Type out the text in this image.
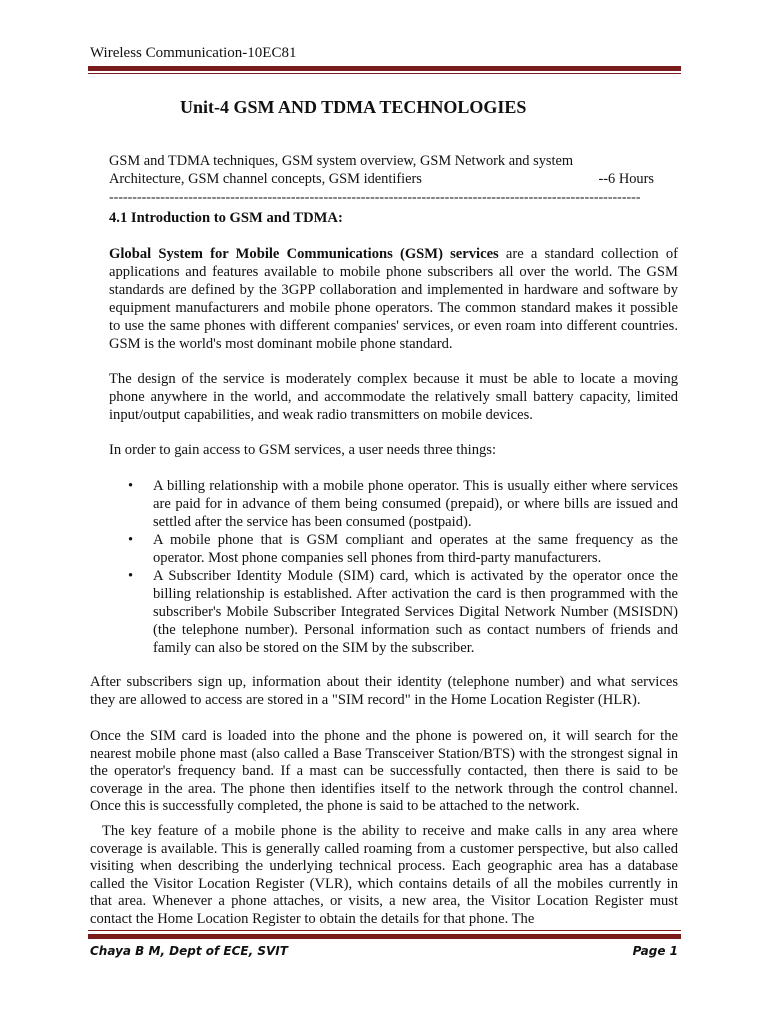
Wireless Communication-10EC81
Unit-4 GSM AND TDMA TECHNOLOGIES
GSM and TDMA techniques, GSM system overview, GSM Network and system
Architecture, GSM channel concepts, GSM identifiers	--6 Hours
------------------------------------------------------------------------------------------------------------------
4.1 Introduction to GSM and TDMA:
Global System for Mobile Communications (GSM) services are a standard collection of applications and features available to mobile phone subscribers all over the world. The GSM standards are defined by the 3GPP collaboration and implemented in hardware and software by equipment manufacturers and mobile phone operators. The common standard makes it possible to use the same phones with different companies' services, or even roam into different countries. GSM is the world's most dominant mobile phone standard.
The design of the service is moderately complex because it must be able to locate a moving phone anywhere in the world, and accommodate the relatively small battery capacity, limited input/output capabilities, and weak radio transmitters on mobile devices.
In order to gain access to GSM services, a user needs three things:
• A billing relationship with a mobile phone operator. This is usually either where services are paid for in advance of them being consumed (prepaid), or where bills are issued and settled after the service has been consumed (postpaid).
• A mobile phone that is GSM compliant and operates at the same frequency as the operator. Most phone companies sell phones from third-party manufacturers.
• A Subscriber Identity Module (SIM) card, which is activated by the operator once the billing relationship is established. After activation the card is then programmed with the subscriber's Mobile Subscriber Integrated Services Digital Network Number (MSISDN) (the telephone number). Personal information such as contact numbers of friends and family can also be stored on the SIM by the subscriber.
After subscribers sign up, information about their identity (telephone number) and what services they are allowed to access are stored in a "SIM record" in the Home Location Register (HLR).
Once the SIM card is loaded into the phone and the phone is powered on, it will search for the nearest mobile phone mast (also called a Base Transceiver Station/BTS) with the strongest signal in the operator's frequency band. If a mast can be successfully contacted, then there is said to be coverage in the area. The phone then identifies itself to the network through the control channel. Once this is successfully completed, the phone is said to be attached to the network.
The key feature of a mobile phone is the ability to receive and make calls in any area where coverage is available. This is generally called roaming from a customer perspective, but also called visiting when describing the underlying technical process. Each geographic area has a database called the Visitor Location Register (VLR), which contains details of all the mobiles currently in that area. Whenever a phone attaches, or visits, a new area, the Visitor Location Register must contact the Home Location Register to obtain the details for that phone. The
Chaya B M, Dept of ECE, SVIT	Page 1
